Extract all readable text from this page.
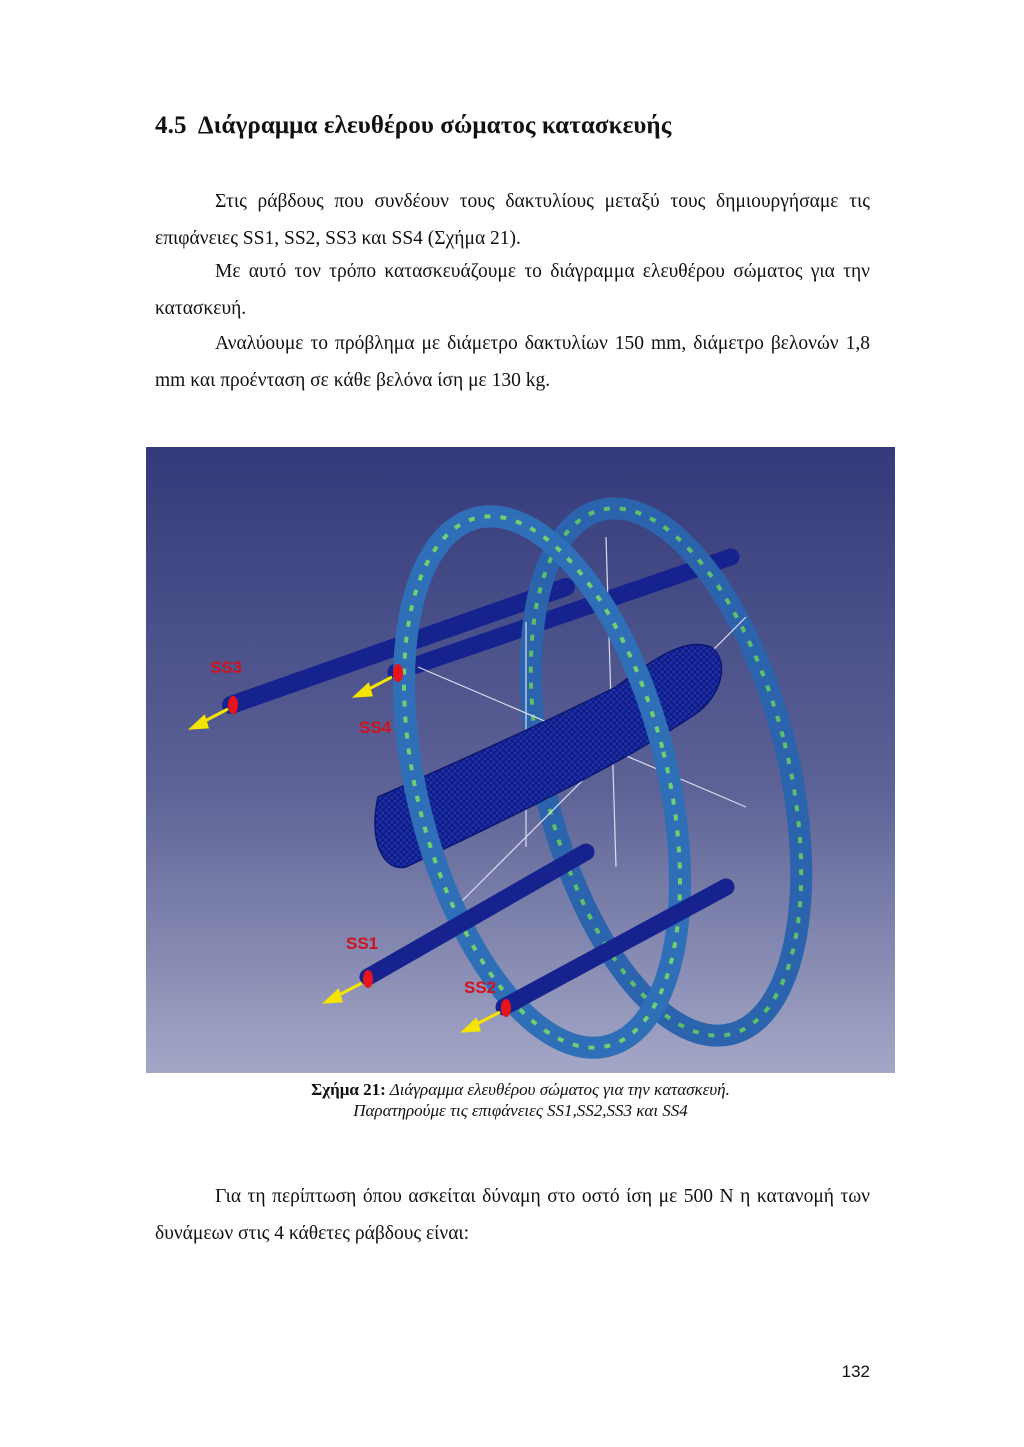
4.5 Διάγραμμα ελευθέρου σώματος κατασκευής

Στις ράβδους που συνδέουν τους δακτυλίους μεταξύ τους δημιουργήσαμε τις επιφάνειες SS1, SS2, SS3 και SS4 (Σχήμα 21).

Με αυτό τον τρόπο κατασκευάζουμε το διάγραμμα ελευθέρου σώματος για την κατασκευή.

Αναλύουμε το πρόβλημα με διάμετρο δακτυλίων 150 mm, διάμετρο βελονών 1,8 mm και προένταση σε κάθε βελόνα ίση με 130 kg.

SS3
SS4
SS1
SS2

Σχήμα 21: Διάγραμμα ελευθέρου σώματος για την κατασκευή.

Παρατηρούμε τις επιφάνειες SS1,SS2,SS3 και SS4

Για τη περίπτωση όπου ασκείται δύναμη στο οστό ίση με 500 N η κατανομή των δυνάμεων στις 4 κάθετες ράβδους είναι:

132
